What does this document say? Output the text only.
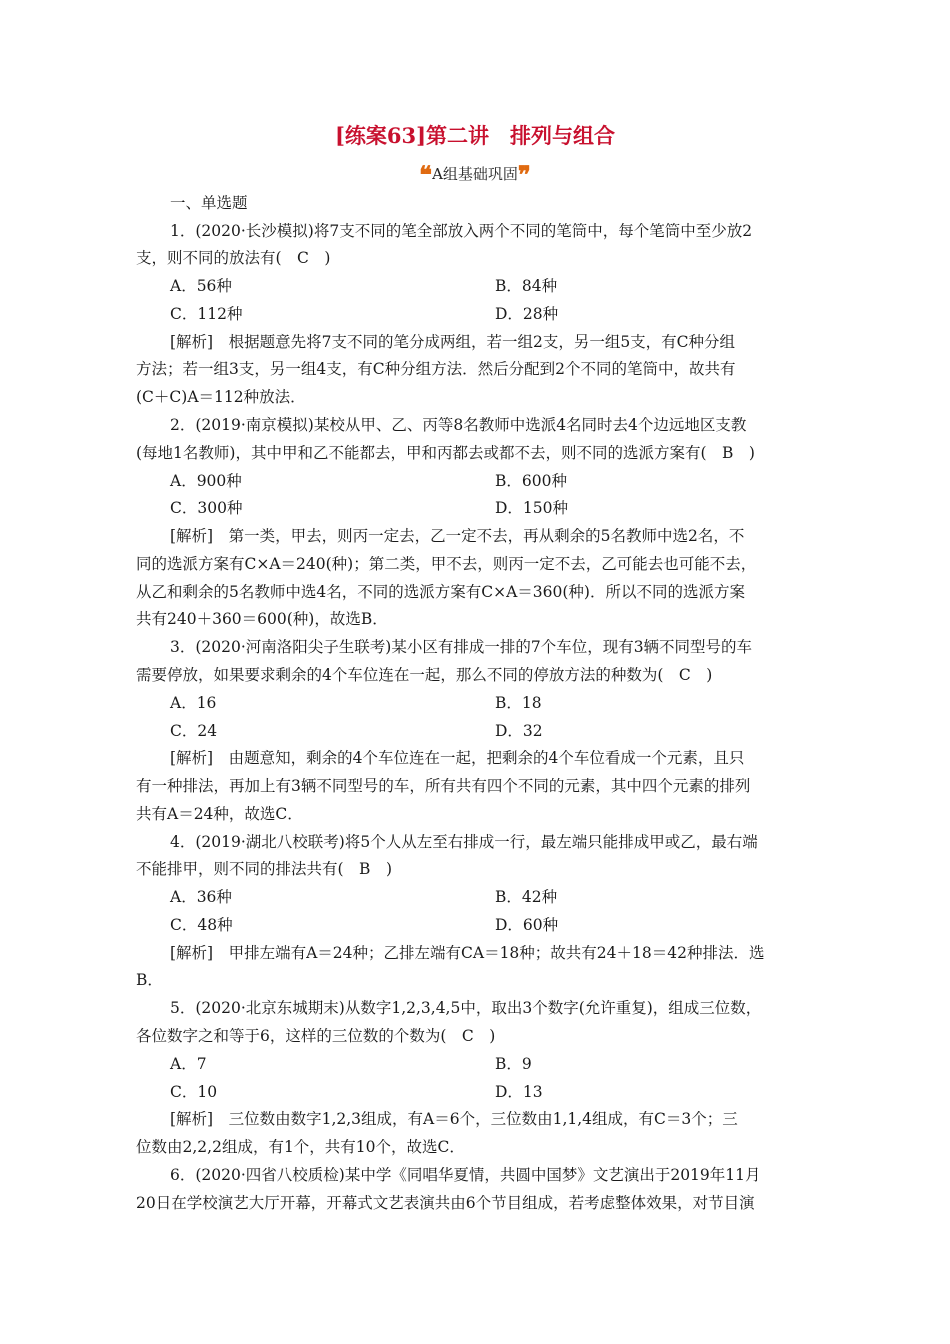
[练案63]第二讲　排列与组合
❝A组基础巩固❞
一、单选题
1．(2020·长沙模拟)将7支不同的笔全部放入两个不同的笔筒中，每个笔筒中至少放2
支，则不同的放法有(　C　)
A．56种	B．84种
C．112种	D．28种
[解析]　根据题意先将7支不同的笔分成两组，若一组2支，另一组5支，有C种分组
方法；若一组3支，另一组4支，有C种分组方法．然后分配到2个不同的笔筒中，故共有
(C＋C)A＝112种放法．
2．(2019·南京模拟)某校从甲、乙、丙等8名教师中选派4名同时去4个边远地区支教
(每地1名教师)，其中甲和乙不能都去，甲和丙都去或都不去，则不同的选派方案有(　B　)
A．900种	B．600种
C．300种	D．150种
[解析]　第一类，甲去，则丙一定去，乙一定不去，再从剩余的5名教师中选2名，不
同的选派方案有C×A＝240(种)；第二类，甲不去，则丙一定不去，乙可能去也可能不去，
从乙和剩余的5名教师中选4名，不同的选派方案有C×A＝360(种)．所以不同的选派方案
共有240＋360＝600(种)，故选B．
3．(2020·河南洛阳尖子生联考)某小区有排成一排的7个车位，现有3辆不同型号的车
需要停放，如果要求剩余的4个车位连在一起，那么不同的停放方法的种数为(　C　)
A．16	B．18
C．24	D．32
[解析]　由题意知，剩余的4个车位连在一起，把剩余的4个车位看成一个元素，且只
有一种排法，再加上有3辆不同型号的车，所有共有四个不同的元素，其中四个元素的排列
共有A＝24种，故选C．
4．(2019·湖北八校联考)将5个人从左至右排成一行，最左端只能排成甲或乙，最右端
不能排甲，则不同的排法共有(　B　)
A．36种	B．42种
C．48种	D．60种
[解析]　甲排左端有A＝24种；乙排左端有CA＝18种；故共有24＋18＝42种排法．选
B．
5．(2020·北京东城期末)从数字1,2,3,4,5中，取出3个数字(允许重复)，组成三位数，
各位数字之和等于6，这样的三位数的个数为(　C　)
A．7	B．9
C．10	D．13
[解析]　三位数由数字1,2,3组成，有A＝6个，三位数由1,1,4组成，有C＝3个；三
位数由2,2,2组成，有1个，共有10个，故选C．
6．(2020·四省八校质检)某中学《同唱华夏情，共圆中国梦》文艺演出于2019年11月
20日在学校演艺大厅开幕，开幕式文艺表演共由6个节目组成，若考虑整体效果，对节目演
